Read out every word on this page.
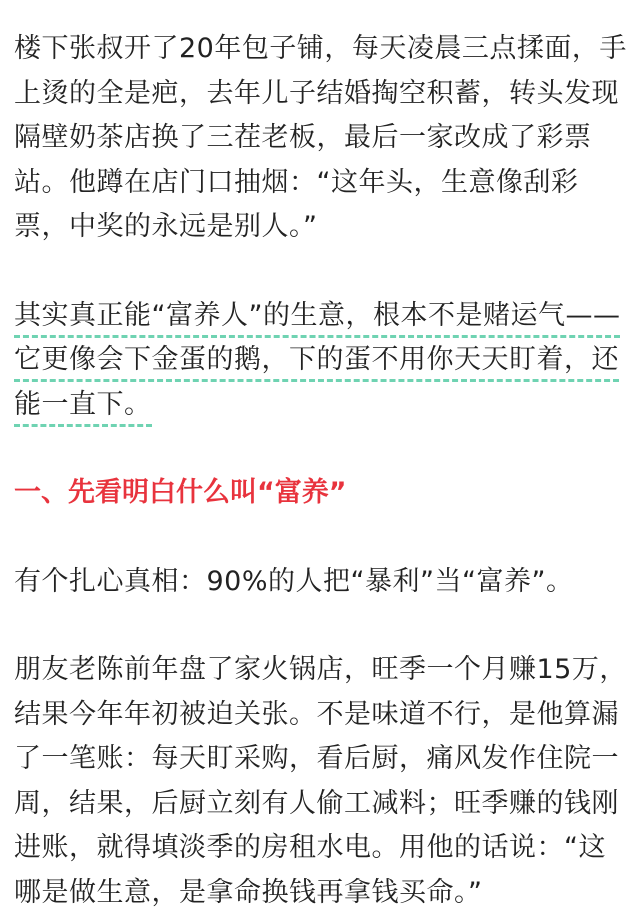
楼下张叔开了20年包子铺，每天凌晨三点揉面，手
上烫的全是疤，去年儿子结婚掏空积蓄，转头发现
隔壁奶茶店换了三茬老板，最后一家改成了彩票
站。他蹲在店门口抽烟：“这年头，生意像刮彩
票，中奖的永远是别人。”
其实真正能“富养人”的生意，根本不是赌运气——
它更像会下金蛋的鹅，下的蛋不用你天天盯着，还
能一直下。
一、先看明白什么叫“富养”
有个扎心真相：90%的人把“暴利”当“富养”。
朋友老陈前年盘了家火锅店，旺季一个月赚15万，
结果今年年初被迫关张。不是味道不行，是他算漏
了一笔账：每天盯采购，看后厨，痛风发作住院一
周，结果，后厨立刻有人偷工减料；旺季赚的钱刚
进账，就得填淡季的房租水电。用他的话说：“这
哪是做生意，是拿命换钱再拿钱买命。”
